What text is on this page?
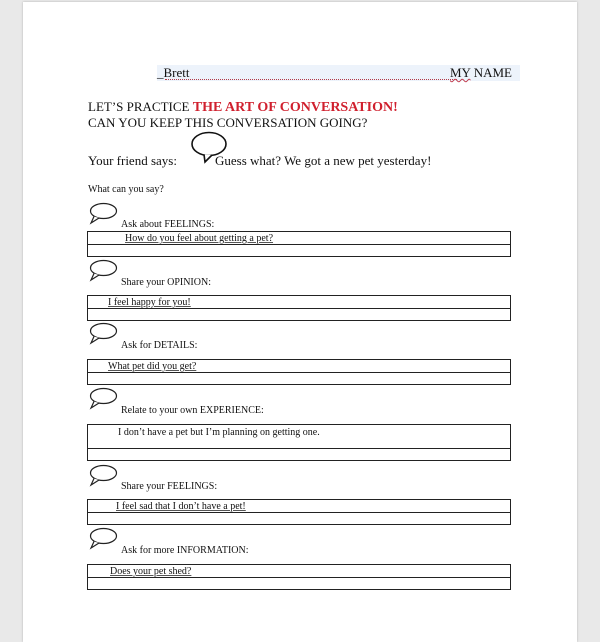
_Brett	MY NAME
LET’S PRACTICE THE ART OF CONVERSATION!
CAN YOU KEEP THIS CONVERSATION GOING?
Your friend says:	Guess what? We got a new pet yesterday!
What can you say?
Ask about FEELINGS:
How do you feel about getting a pet?
Share your OPINION:
I feel happy for you!
Ask for DETAILS:
What pet did you get?
Relate to your own EXPERIENCE:
I don’t have a pet but I’m planning on getting one.
Share your FEELINGS:
I feel sad that I don’t have a pet!
Ask for more INFORMATION:
Does your pet shed?
